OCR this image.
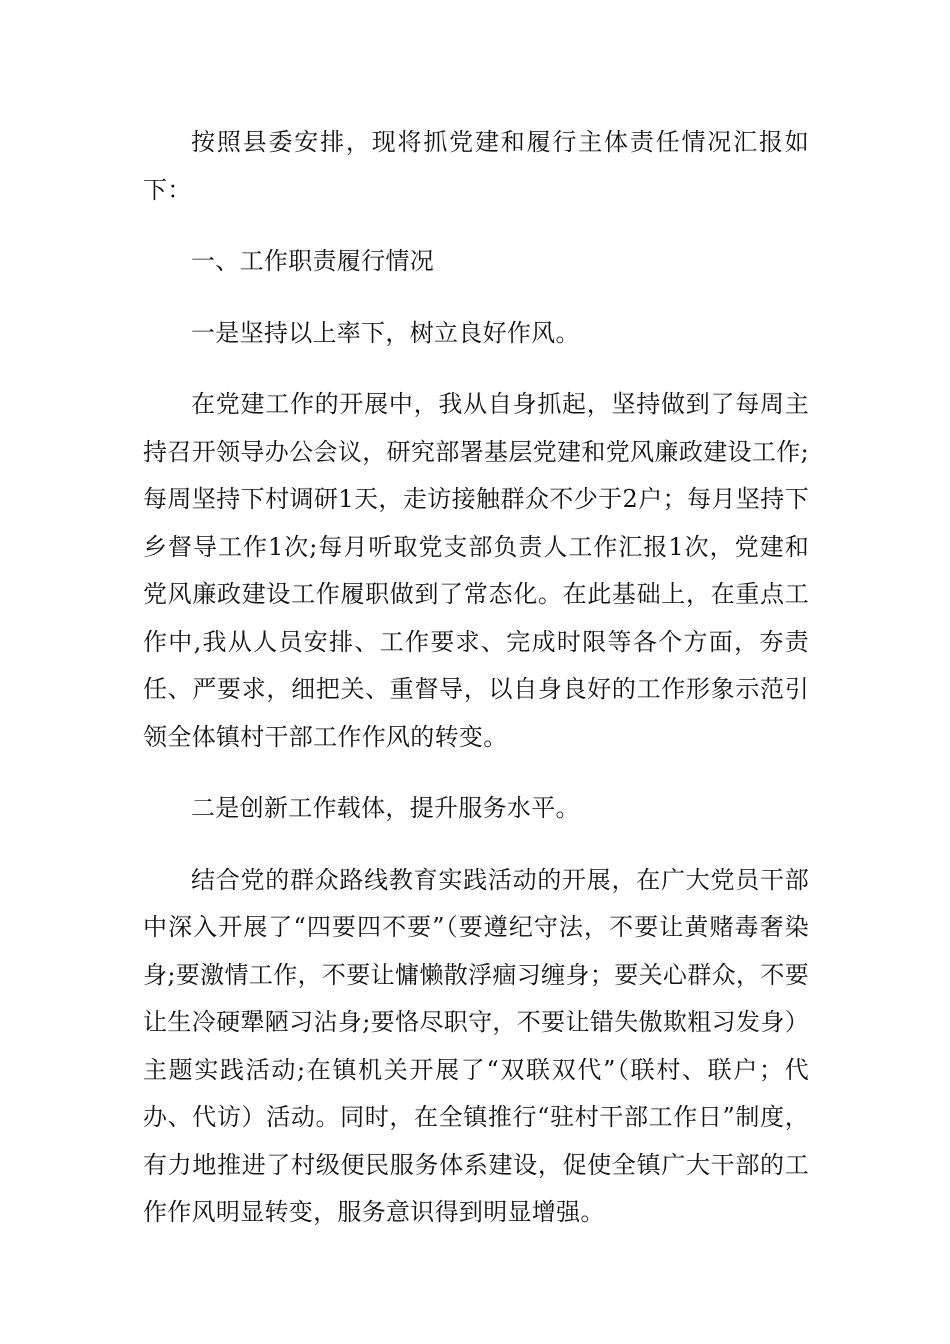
按照县委安排，现将抓党建和履行主体责任情况汇报如下：

一、工作职责履行情况

一是坚持以上率下，树立良好作风。

在党建工作的开展中，我从自身抓起，坚持做到了每周主持召开领导办公会议，研究部署基层党建和党风廉政建设工作;每周坚持下村调研1天，走访接触群众不少于2户；每月坚持下乡督导工作1次;每月听取党支部负责人工作汇报1次，党建和党风廉政建设工作履职做到了常态化。在此基础上，在重点工作中,我从人员安排、工作要求、完成时限等各个方面，夯责任、严要求，细把关、重督导，以自身良好的工作形象示范引领全体镇村干部工作作风的转变。

二是创新工作载体，提升服务水平。

结合党的群众路线教育实践活动的开展，在广大党员干部中深入开展了“四要四不要”（要遵纪守法，不要让黄赌毒奢染身;要激情工作，不要让慵懒散浮痼习缠身；要关心群众，不要让生冷硬犟陋习沾身;要恪尽职守，不要让错失傲欺粗习发身）主题实践活动;在镇机关开展了“双联双代”（联村、联户；代办、代访）活动。同时，在全镇推行“驻村干部工作日”制度，有力地推进了村级便民服务体系建设，促使全镇广大干部的工作作风明显转变，服务意识得到明显增强。
